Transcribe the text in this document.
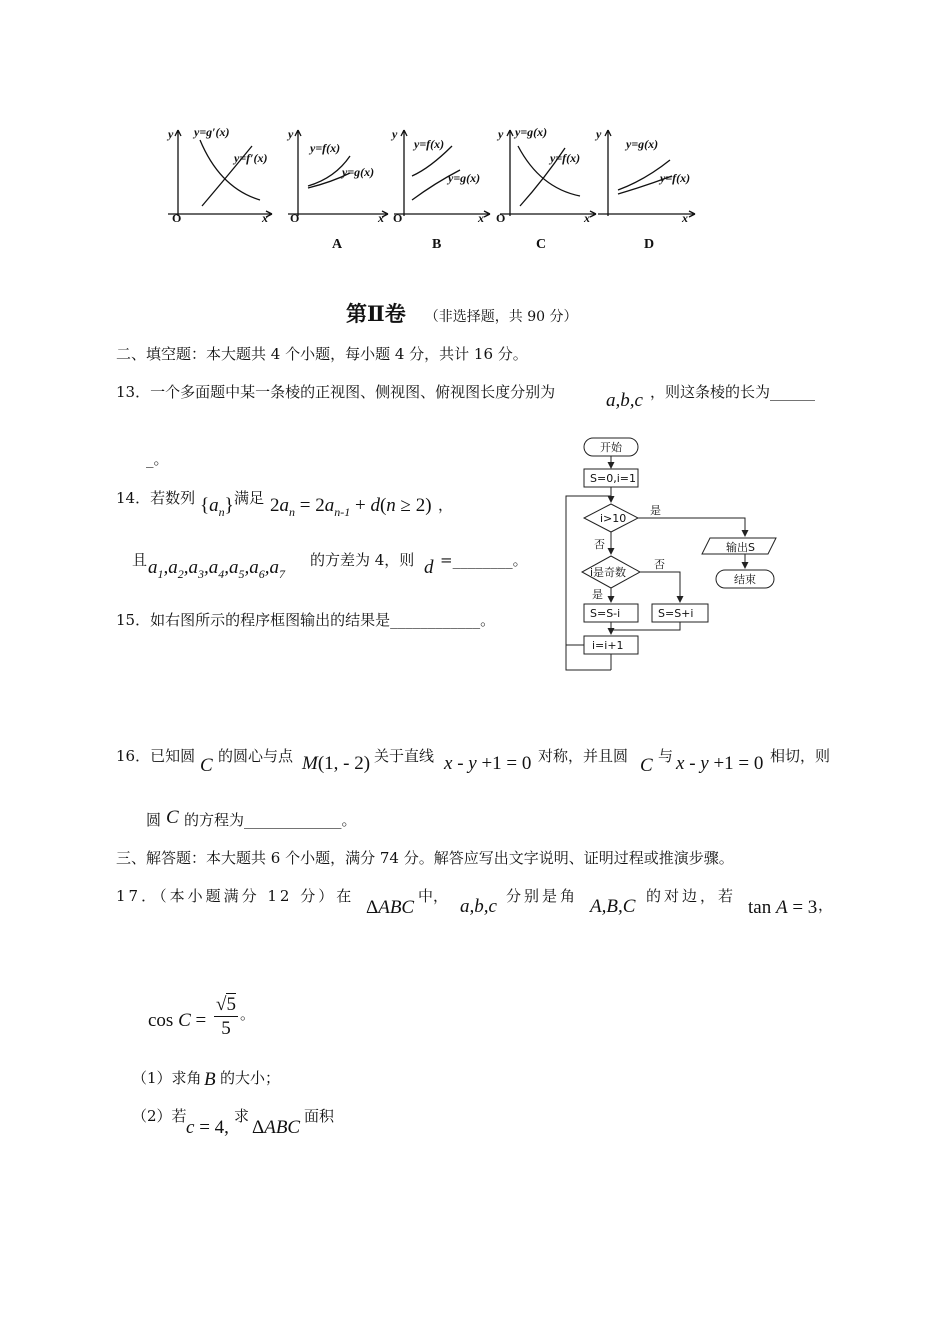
y
x
O
y=g′(x)
y=f′(x)
y
x
O
y=f(x)
y=g(x)
A
y
x
O
y=f(x)
y=g(x)
B
y
x
O
y=g(x)
y=f(x)
C
y
x
y=g(x)
y=f(x)
D
第Ⅱ卷 （非选择题，共 90 分）
二、填空题：本大题共 4 个小题，每小题 4 分，共计 16 分。
13．一个多面题中某一条棱的正视图、侧视图、俯视图长度分别为	a,b,c ，则这条棱的长为______
_。
14．若数列 $\{a_n\}$ 满足 $2a_n = 2a_{n-1} + d(n \ge 2)$ ，
且 $a_1,a_2,a_3,a_4,a_5,a_6,a_7$
的方差为 4，则 d =________。
15．如右图所示的程序框图输出的结果是____________。
开始
S=0,i=1
i>10
是
否	输出S
结束
i是奇数
否
是
S=S-i	S=S+i
i=i+1
16．已知圆 C 的圆心与点 M(1, - 2) 关于直线 x - y +1 = 0 对称，并且圆 C 与 x - y +1 = 0 相切，则
圆 C 的方程为_____________。
三、解答题：本大题共 6 个小题，满分 74 分。解答应写出文字说明、证明过程或推演步骤。
17．（本小题满分 12 分）在
ΔABC
中， a,b,c 分别是角 A,B,C 的对边，若
tan A = 3 ，
cos C =
√5
5
。
（1）求角 B 的大小；
（2）若
c = 4,
求
ΔABC
面积
